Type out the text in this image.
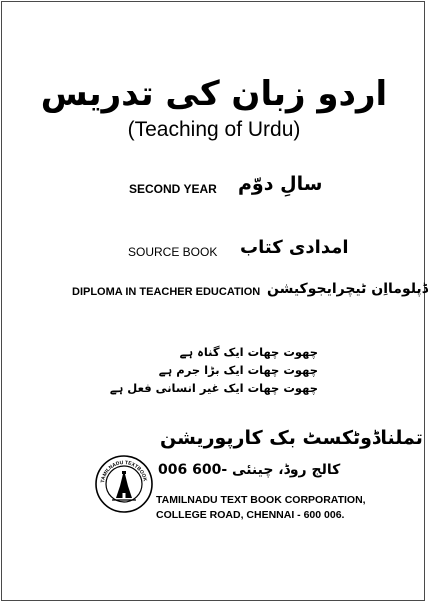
اردو زبان کی تدریس
(Teaching of Urdu)
SECOND YEAR سالِ دوّم
SOURCE BOOK امدادی کتاب
DIPLOMA IN TEACHER EDUCATION ڈپلومااِن ٹیچرایجوکیشن
چھوت چھات ایک گناہ ہے
چھوت چھات ایک بڑا جرم ہے
چھوت چھات ایک غیر انسانی فعل ہے
تملناڈوٹکسٹ بک کارپوریشن
کالج روڈ، چینئی -600 006
TAMILNADU TEXTBOOK
TAMILNADU TEXT BOOK CORPORATION,
COLLEGE ROAD, CHENNAI - 600 006.
